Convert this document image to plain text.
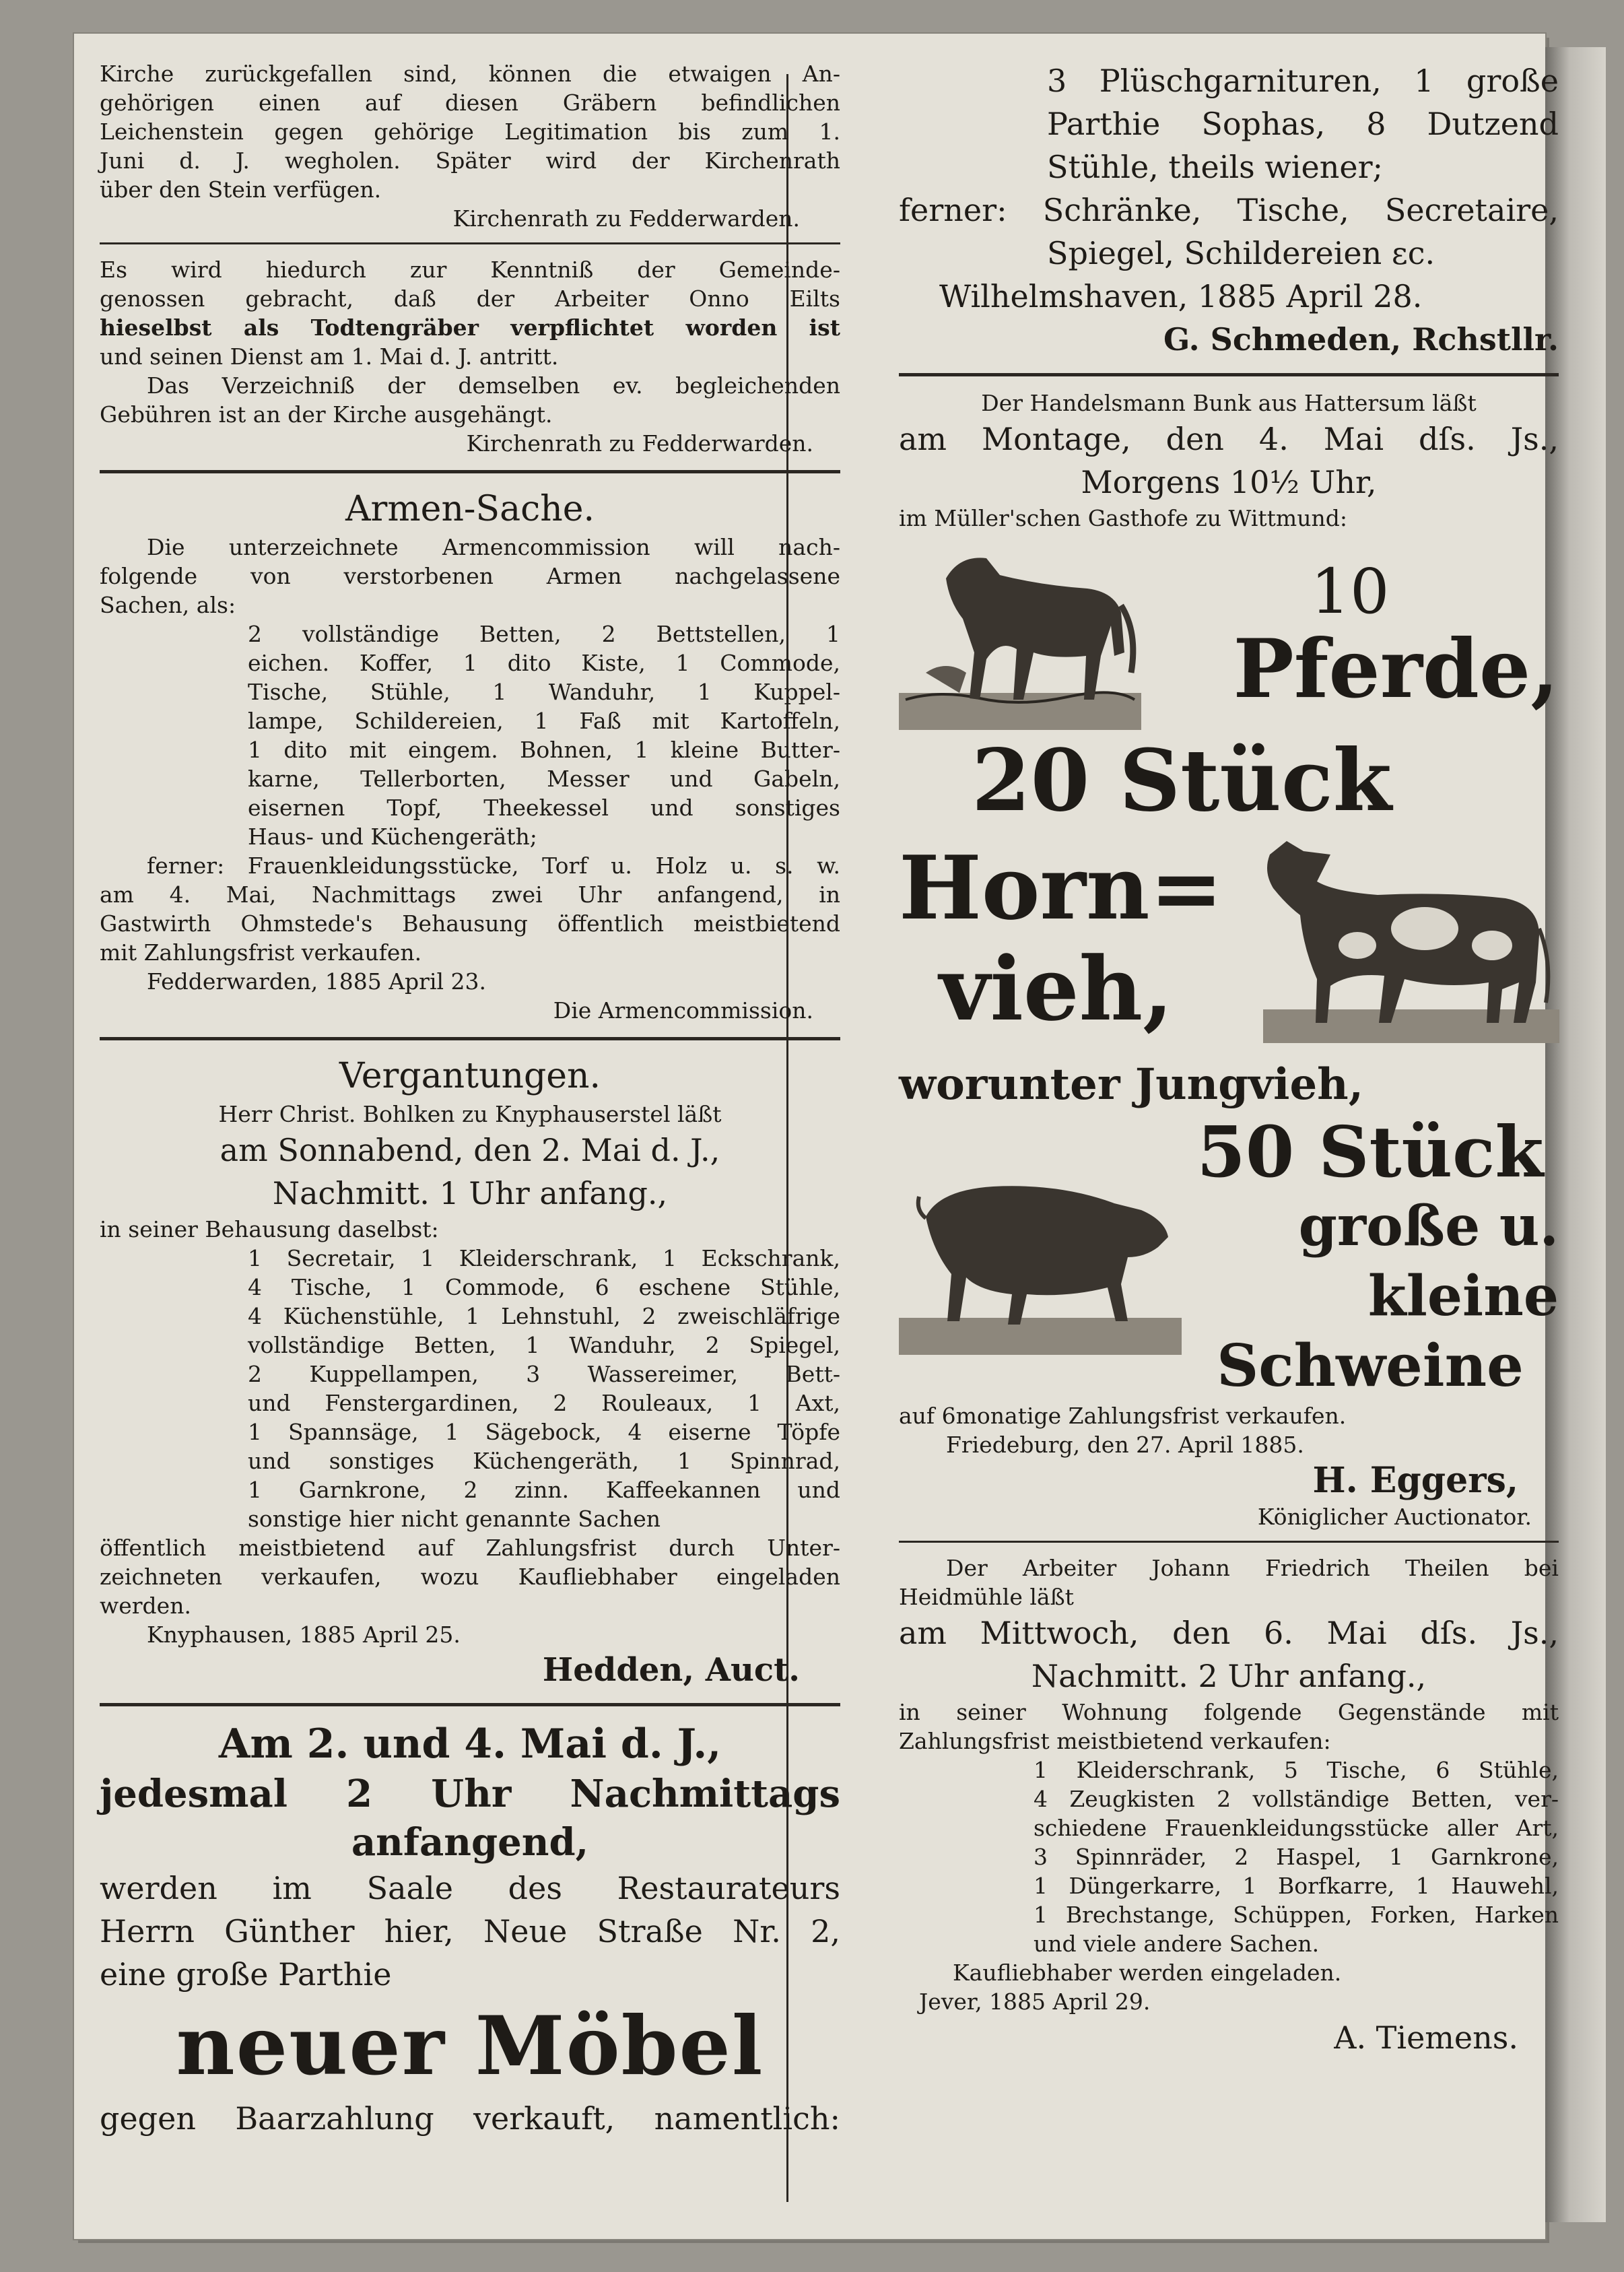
Kirche zurückgefallen sind, können die etwaigen An-

gehörigen einen auf diesen Gräbern befindlichen

Leichenstein gegen gehörige Legitimation bis zum 1.

Juni d. J. wegholen. Später wird der Kirchenrath

über den Stein verfügen.

Kirchenrath zu Fedderwarden.

Es wird hiedurch zur Kenntniß der Gemeinde-

genossen gebracht, daß der Arbeiter Onno Eilts

hieselbst als Todtengräber verpflichtet worden ist

und seinen Dienst am 1. Mai d. J. antritt.

Das Verzeichniß der demselben ev. begleichenden

Gebühren ist an der Kirche ausgehängt.

Kirchenrath zu Fedderwarden.

Armen-Sache.

Die unterzeichnete Armencommission will nach-

folgende von verstorbenen Armen nachgelassene

Sachen, als:

2 vollständige Betten, 2 Bettstellen, 1

eichen. Koffer, 1 dito Kiste, 1 Commode,

Tische, Stühle, 1 Wanduhr, 1 Kuppel-

lampe, Schildereien, 1 Faß mit Kartoffeln,

1 dito mit eingem. Bohnen, 1 kleine Butter-

karne, Tellerborten, Messer und Gabeln,

eisernen Topf, Theekessel und sonstiges

Haus- und Küchengeräth;

ferner: Frauenkleidungsstücke, Torf u. Holz u. s. w.

am 4. Mai, Nachmittags zwei Uhr anfangend, in

Gastwirth Ohmstede's Behausung öffentlich meistbietend

mit Zahlungsfrist verkaufen.

Fedderwarden, 1885 April 23.

Die Armencommission.

Vergantungen.

Herr Christ. Bohlken zu Knyphauserstel läßt

am Sonnabend, den 2. Mai d. J.,

Nachmitt. 1 Uhr anfang.,

in seiner Behausung daselbst:

1 Secretair, 1 Kleiderschrank, 1 Eckschrank,

4 Tische, 1 Commode, 6 eschene Stühle,

4 Küchenstühle, 1 Lehnstuhl, 2 zweischläfrige

vollständige Betten, 1 Wanduhr, 2 Spiegel,

2 Kuppellampen, 3 Wassereimer, Bett-

und Fenstergardinen, 2 Rouleaux, 1 Axt,

1 Spannsäge, 1 Sägebock, 4 eiserne Töpfe

und sonstiges Küchengeräth, 1 Spinnrad,

1 Garnkrone, 2 zinn. Kaffeekannen und

sonstige hier nicht genannte Sachen

öffentlich meistbietend auf Zahlungsfrist durch Unter-

zeichneten verkaufen, wozu Kaufliebhaber eingeladen

werden.

Knyphausen, 1885 April 25.

Hedden, Auct.

Am 2. und 4. Mai d. J.,

jedesmal 2 Uhr Nachmittags

anfangend,

werden im Saale des Restaurateurs

Herrn Günther hier, Neue Straße Nr. 2,

eine große Parthie

neuer Möbel

gegen Baarzahlung verkauft, namentlich:

3 Plüschgarnituren, 1 große

Parthie Sophas, 8 Dutzend

Stühle, theils wiener;

ferner: Schränke, Tische, Secretaire,

Spiegel, Schildereien ɛc.

Wilhelmshaven, 1885 April 28.

G. Schmeden, Rchstllr.

Der Handelsmann Bunk aus Hattersum läßt

am Montage, den 4. Mai dſs. Js.,

Morgens 10½ Uhr,

im Müller'schen Gasthofe zu Wittmund:

10

Pferde,

20 Stück

Horn=

vieh,

worunter Jungvieh,

50 Stück

große u. kleine

Schweine

auf 6monatige Zahlungsfrist verkaufen.

Friedeburg, den 27. April 1885.

H. Eggers,

Königlicher Auctionator.

Der Arbeiter Johann Friedrich Theilen bei

Heidmühle läßt

am Mittwoch, den 6. Mai dſs. Js.,

Nachmitt. 2 Uhr anfang.,

in seiner Wohnung folgende Gegenstände mit

Zahlungsfrist meistbietend verkaufen:

1 Kleiderschrank, 5 Tische, 6 Stühle,

4 Zeugkisten 2 vollständige Betten, ver-

schiedene Frauenkleidungsstücke aller Art,

3 Spinnräder, 2 Haspel, 1 Garnkrone,

1 Düngerkarre, 1 Borfkarre, 1 Hauwehl,

1 Brechstange, Schüppen, Forken, Harken

und viele andere Sachen.

Kaufliebhaber werden eingeladen.

Jever, 1885 April 29.

A. Tiemens.
